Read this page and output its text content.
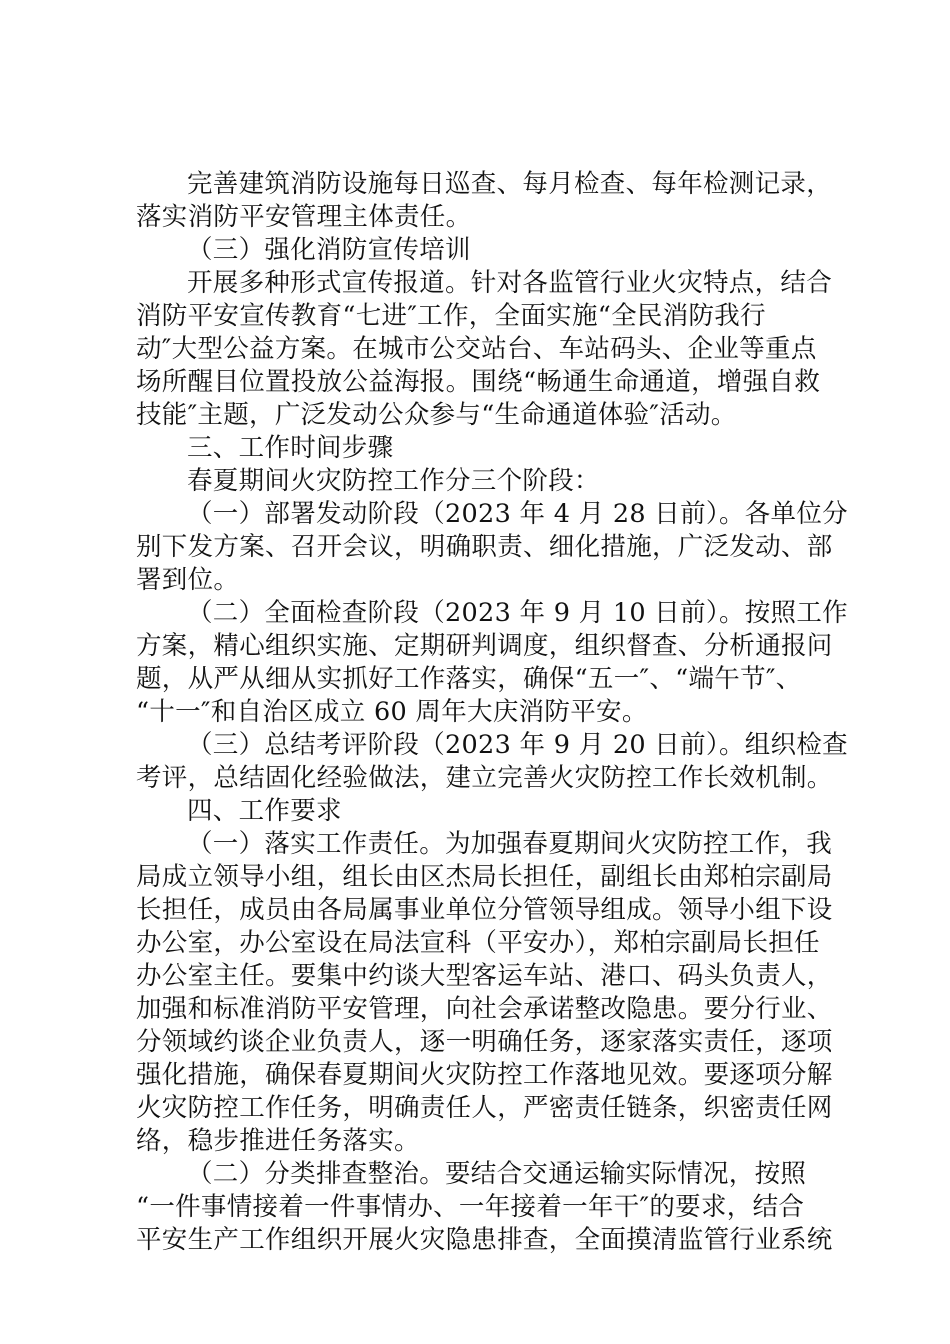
完善建筑消防设施每日巡查、每月检查、每年检测记录，
落实消防平安管理主体责任。
（三）强化消防宣传培训
开展多种形式宣传报道。针对各监管行业火灾特点，结合
消防平安宣传教育“七进″工作，全面实施“全民消防我行
动″大型公益方案。在城市公交站台、车站码头、企业等重点
场所醒目位置投放公益海报。围绕“畅通生命通道，增强自救
技能″主题，广泛发动公众参与“生命通道体验″活动。
三、工作时间步骤
春夏期间火灾防控工作分三个阶段：
（一）部署发动阶段（2023 年 4 月 28 日前）。各单位分
别下发方案、召开会议，明确职责、细化措施，广泛发动、部
署到位。
（二）全面检查阶段（2023 年 9 月 10 日前）。按照工作
方案，精心组织实施、定期研判调度，组织督查、分析通报问
题，从严从细从实抓好工作落实，确保“五一″、“端午节″、
“十一″和自治区成立 60 周年大庆消防平安。
（三）总结考评阶段（2023 年 9 月 20 日前）。组织检查
考评，总结固化经验做法，建立完善火灾防控工作长效机制。
四、工作要求
（一）落实工作责任。为加强春夏期间火灾防控工作，我
局成立领导小组，组长由区杰局长担任，副组长由郑柏宗副局
长担任，成员由各局属事业单位分管领导组成。领导小组下设
办公室，办公室设在局法宣科（平安办），郑柏宗副局长担任
办公室主任。要集中约谈大型客运车站、港口、码头负责人，
加强和标准消防平安管理，向社会承诺整改隐患。要分行业、
分领域约谈企业负责人，逐一明确任务，逐家落实责任，逐项
强化措施，确保春夏期间火灾防控工作落地见效。要逐项分解
火灾防控工作任务，明确责任人，严密责任链条，织密责任网
络，稳步推进任务落实。
（二）分类排查整治。要结合交通运输实际情况，按照
“一件事情接着一件事情办、一年接着一年干″的要求，结合
平安生产工作组织开展火灾隐患排查，全面摸清监管行业系统
